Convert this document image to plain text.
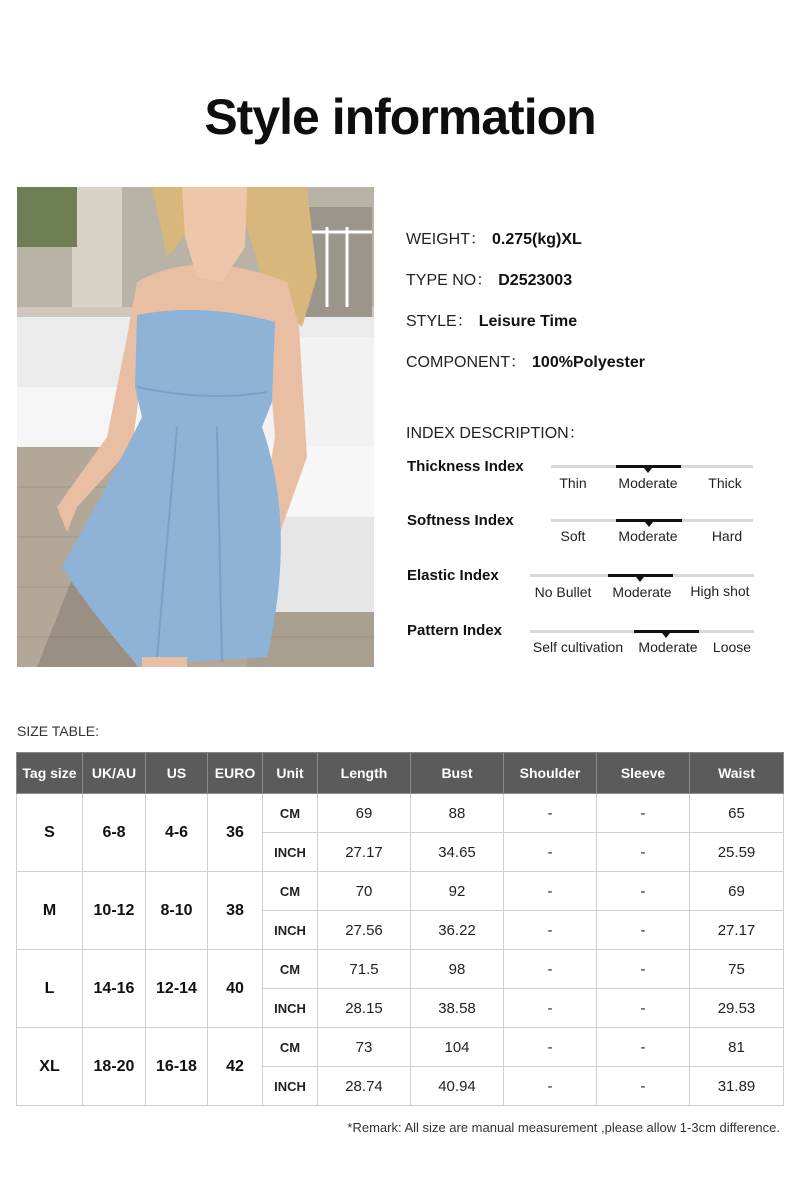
Style information
WEIGHT： 0.275(kg)XL
TYPE NO： D2523003
STYLE： Leisure Time
COMPONENT： 100%Polyester
INDEX DESCRIPTION：
Thickness Index
Thin Moderate Thick
Softness Index
Soft Moderate Hard
Elastic Index
No Bullet Moderate High shot
Pattern Index
Self cultivation Moderate Loose
SIZE TABLE:
Tag size	UK/AU	US	EURO	Unit	Length	Bust	Shoulder	Sleeve	Waist
S	6-8	4-6	36	CM	69	88	-	-	65
				INCH	27.17	34.65	-	-	25.59
M	10-12	8-10	38	CM	70	92	-	-	69
				INCH	27.56	36.22	-	-	27.17
L	14-16	12-14	40	CM	71.5	98	-	-	75
				INCH	28.15	38.58	-	-	29.53
XL	18-20	16-18	42	CM	73	104	-	-	81
				INCH	28.74	40.94	-	-	31.89
*Remark: All size are manual measurement ,please allow 1-3cm difference.
